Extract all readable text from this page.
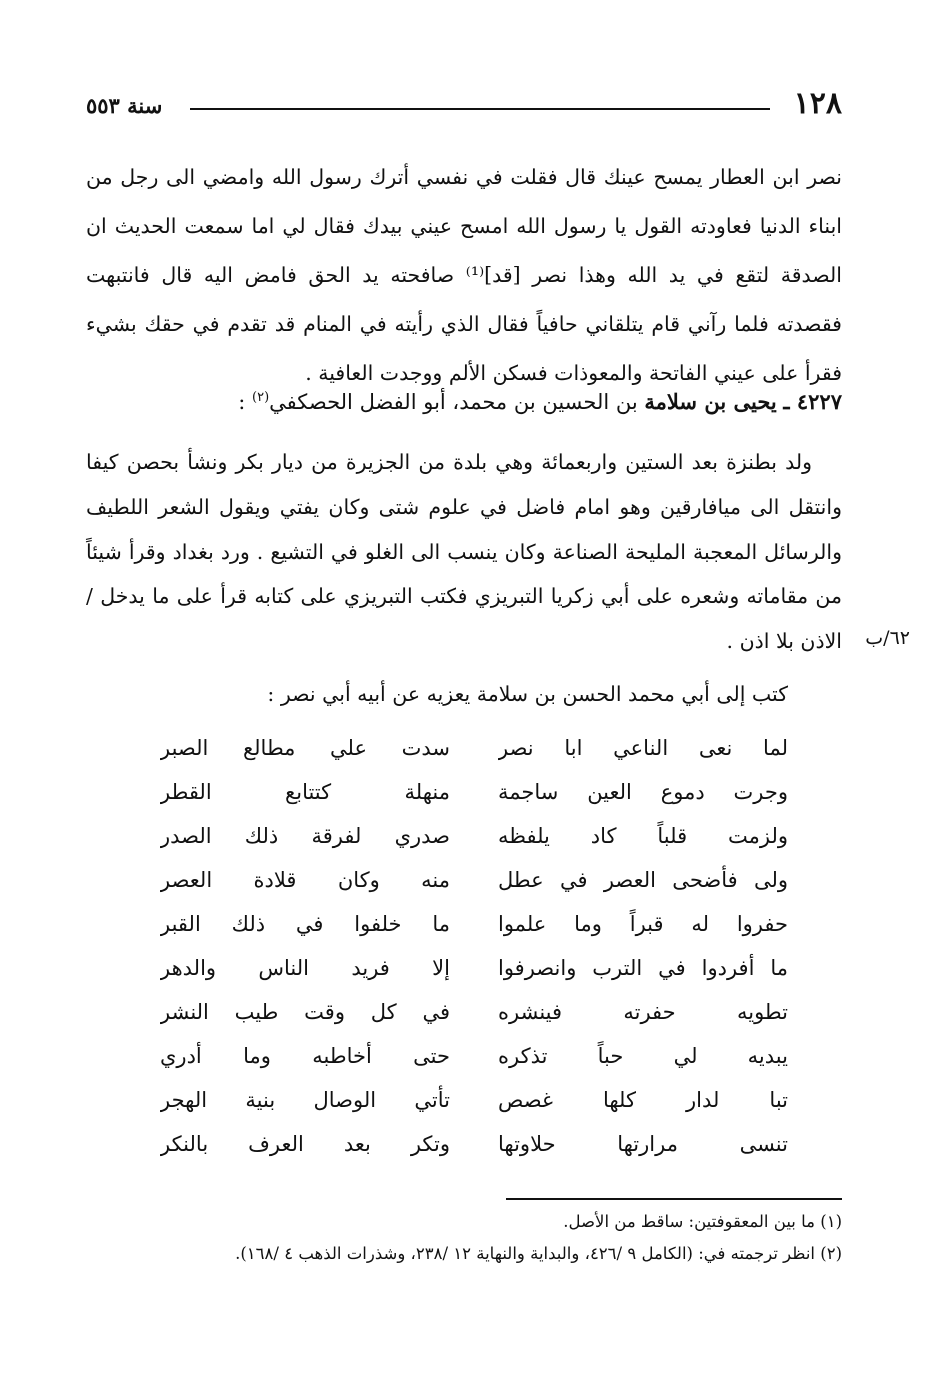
١٢٨
سنة ٥٥٣

نصر ابن العطار يمسح عينك قال فقلت في نفسي أترك رسول الله وامضي الى رجل من ابناء الدنيا فعاودته القول يا رسول الله امسح عيني بيدك فقال لي اما سمعت الحديث ان الصدقة لتقع في يد الله وهذا نصر [قد]⁽¹⁾ صافحته يد الحق فامض اليه قال فانتبهت فقصدته فلما رآني قام يتلقاني حافياً فقال الذي رأيته في المنام قد تقدم في حقك بشيء فقرأ على عيني الفاتحة والمعوذات فسكن الألم ووجدت العافية .

٤٢٢٧ ـ يحيى بن سلامة بن الحسين بن محمد، أبو الفضل الحصكفي$^{(٢)}$ :

ولد بطنزة بعد الستين واربعمائة وهي بلدة من الجزيرة من ديار بكر ونشأ بحصن كيفا وانتقل الى ميافارقين وهو امام فاضل في علوم شتى وكان يفتي ويقول الشعر اللطيف والرسائل المعجبة المليحة الصناعة وكان ينسب الى الغلو في التشيع . ورد بغداد وقرأ شيئاً من مقاماته وشعره على أبي زكريا التبريزي فكتب التبريزي على كتابه قرأ على ما يدخل / الاذن بلا اذن . ٦٢/ب
كتب إلى أبي محمد الحسن بن سلامة يعزيه عن أبيه أبي نصر :
لما نعى الناعي ابا نصر
سدت علي مطالع الصبر
وجرت دموع العين ساجمة
منهلة كتتابع القطر
ولزمت قلباً كاد يلفظه
صدري لفرقة ذلك الصدر
ولى فأضحى العصر في عطل
منه وكان قلادة العصر
حفروا له قبراً وما علموا
ما خلفوا في ذلك القبر
ما أفردوا في الترب وانصرفوا
إلا فريد الناس والدهر
تطويه حفرته فينشره
في كل وقت طيب النشر
يبديه لي حباً تذكره
حتى أخاطبه وما أدري
تبا لدار كلها غصص
تأتي الوصال بنية الهجر
تنسى مرارتها حلاوتها
وتكر بعد العرف بالنكر
(١) ما بين المعقوفتين: ساقط من الأصل.
(٢) انظر ترجمته في: (الكامل ٩ /٤٢٦، والبداية والنهاية ١٢ /٢٣٨، وشذرات الذهب ٤ /١٦٨).
